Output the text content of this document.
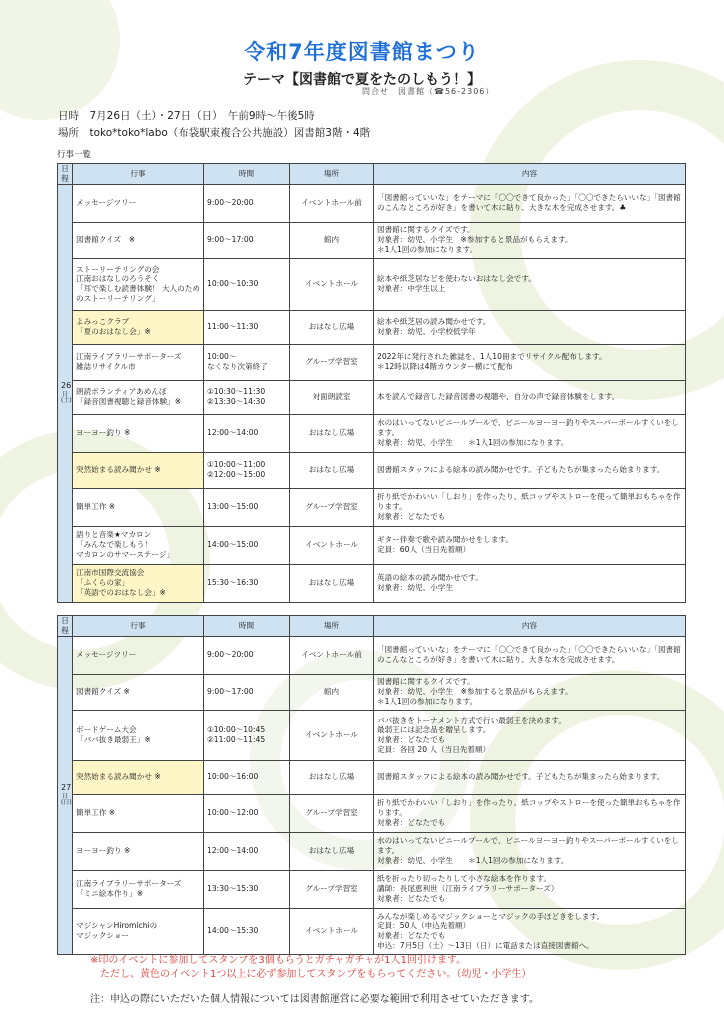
令和7年度図書館まつり
テーマ【図書館で夏をたのしもう！】
問合せ　図書館（☎56-2306）
日時　7月26日（土）・27日（日）　午前9時～午後5時
場所　toko*toko*labo（布袋駅東複合公共施設）図書館3階・4階
行事一覧
日程	行事	時間	場所	内容

26
日
(土)	メッセージツリー	9:00～20:00	イベントホール前	「図書館っていいな」をテーマに「〇〇できて良かった」「〇〇できたらいいな」「図書館のこんなところが好き」を書いて木に貼り、大きな木を完成させます。♣
	図書館クイズ　※	9:00～17:00	館内	図書館に関するクイズです。
対象者：幼児、小学生　※参加すると景品がもらえます。
＊1人1回の参加になります。
	ストーリーテリングの会
江南おはなしのろうそく
「耳で楽しむ読書体験！ 大人のためのストーリーテリング」	10:00～10:30	イベントホール	絵本や紙芝居などを使わないおはなし会です。
対象者：中学生以上
	よみっこクラブ
「夏のおはなし会」※	11:00～11:30	おはなし広場	絵本や紙芝居の読み聞かせです。
対象者：幼児、小学校低学年
	江南ライブラリーサポーターズ
雑誌リサイクル市	10:00～
なくなり次第終了	グループ学習室	2022年に発行された雑誌を、1人10冊までリサイクル配布します。
＊12時以降は4階カウンター横にて配布
	朗読ボランティアあめんぼ
「録音図書視聴と録音体験」※	①10:30～11:30
②13:30～14:30	対面朗読室	本を読んで録音した録音図書の視聴や、自分の声で録音体験をします。
	ヨーヨー釣り ※	12:00～14:00	おはなし広場	水のはいってないビニールプールで、ビニールヨーヨー釣りやスーパーボールすくいをします。
対象者：幼児、小学生　　＊1人1回の参加になります。
	突然始まる読み聞かせ ※	①10:00～11:00
②12:00～15:00	おはなし広場	図書館スタッフによる絵本の読み聞かせです。子どもたちが集まったら始まります。
	簡単工作 ※	13:00～15:00	グループ学習室	折り紙でかわいい「しおり」を作ったり、紙コップやストローを使って簡単おもちゃを作ります。
対象者：どなたでも
	語りと音楽★マカロン
「みんなで楽しもう！
マカロンのサマーステージ」	14:00～15:00	イベントホール	ギター伴奏で歌や読み聞かせをします。
定員：60人（当日先着順）
	江南市国際交流協会
「ふくらの家」
「英語でのおはなし会」※	15:30～16:30	おはなし広場	英語の絵本の読み聞かせです。
対象者：幼児、小学生
日程	行事	時間	場所	内容

27
日
(日)	メッセージツリー	9:00～20:00	イベントホール前	「図書館っていいな」をテーマに「〇〇できて良かった」「〇〇できたらいいな」「図書館のこんなところが好き」を書いて木に貼り、大きな木を完成させます。
	図書館クイズ ※	9:00～17:00	館内	図書館に関するクイズです。
対象者：幼児、小学生　※参加すると景品がもらえます。
＊1人1回の参加になります。
	ボードゲーム大会
「ババ抜き最弱王」※	①10:00～10:45
②11:00～11:45	イベントホール	ババ抜きをトーナメント方式で行い最弱王を決めます。
最弱王には記念品を贈呈します。
対象者：どなたでも
定員：各回 20 人（当日先着順）
	突然始まる読み聞かせ ※	10:00～16:00	おはなし広場	図書館スタッフによる絵本の読み聞かせです。子どもたちが集まったら始まります。
	簡単工作 ※	10:00～12:00	グループ学習室	折り紙でかわいい「しおり」を作ったり、紙コップやストローを使った簡単おもちゃを作ります。
対象者：どなたでも
	ヨーヨー釣り ※	12:00～14:00	おはなし広場	水のはいってないビニールプールで、ビニールヨーヨー釣りやスーパーボールすくいをします。
対象者：幼児、小学生　　＊1人1回の参加になります。
	江南ライブラリーサポーターズ
「ミニ絵本作り」※	13:30～15:30	グループ学習室	紙を折ったり切ったりして小さな絵本を作ります。
講師：長尾恵利世（江南ライブラリーサポーターズ）
対象者：どなたでも
	マジシャンHiromichiの
マジックショー	14:00～15:30	イベントホール	みんなが楽しめるマジックショーとマジックの手ほどきをします。
定員：50人（申込先着順）
対象者：どなたでも
申込：7月5日（土）～13日（日）に電話または直接図書館へ。
※印のイベントに参加してスタンプを3個もらうとガチャガチャが1人1回引けます。
　ただし、黄色のイベント1つ以上に必ず参加してスタンプをもらってください。（幼児・小学生）
注：申込の際にいただいた個人情報については図書館運営に必要な範囲で利用させていただきます。
